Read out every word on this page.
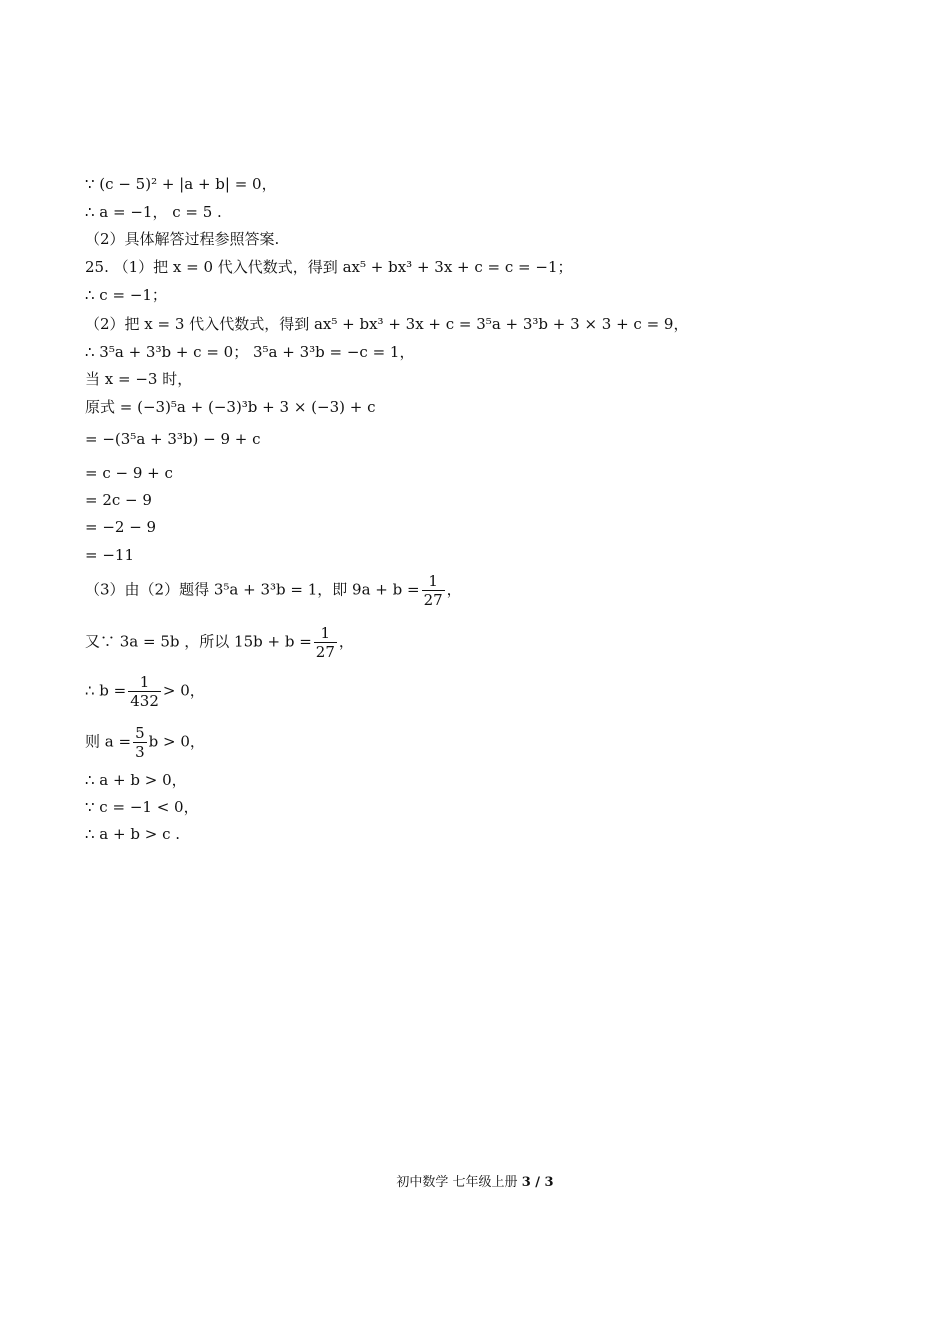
∵ (c − 5)² + |a + b| = 0，
∴ a = −1， c = 5 .
（2）具体解答过程参照答案.
25. （1）把 x = 0 代入代数式，得到 ax⁵ + bx³ + 3x + c = c = −1；
∴ c = −1；
（2）把 x = 3 代入代数式，得到 ax⁵ + bx³ + 3x + c = 3⁵a + 3³b + 3 × 3 + c = 9，
∴ 3⁵a + 3³b + c = 0； 3⁵a + 3³b = −c = 1，
当 x = −3 时，
原式 = (−3)⁵a + (−3)³b + 3 × (−3) + c
= −(3⁵a + 3³b) − 9 + c
= c − 9 + c
= 2c − 9
= −2 − 9
= −11
（3）由（2）题得 3⁵a + 3³b = 1，即 $9a + b = \frac{1}{27}$ ，
又∵ 3a = 5b ，所以 $15b + b = \frac{1}{27}$ ，
∴ $b = \frac{1}{432} > 0$，
则 $a = \frac{5}{3}$ b > 0，
∴ a + b > 0，
∵ c = −1 < 0，
∴ a + b > c .
初中数学 七年级上册 3 / 3
